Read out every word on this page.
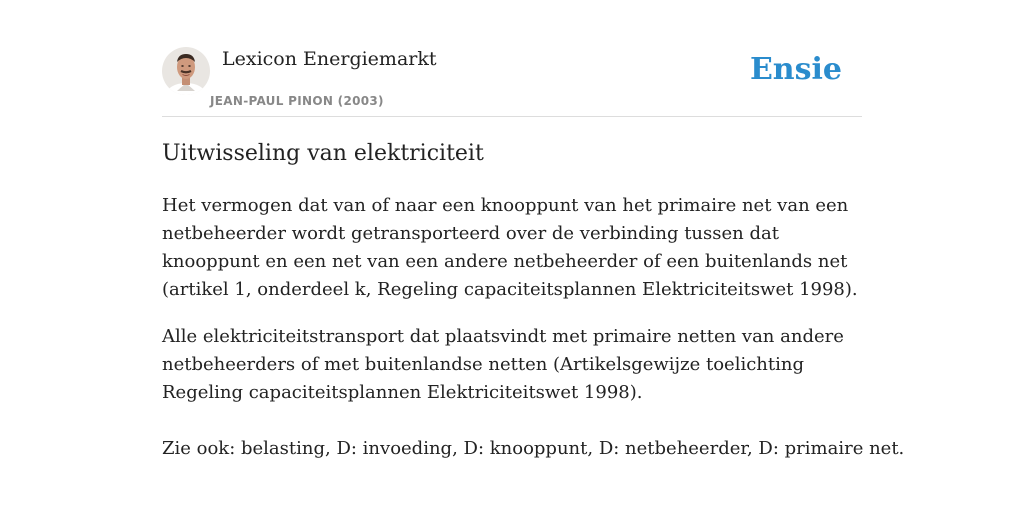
Lexicon Energiemarkt
JEAN-PAUL PINON (2003)
Ensie
Uitwisseling van elektriciteit

Het vermogen dat van of naar een knooppunt van het primaire net van een netbeheerder wordt getransporteerd over de verbinding tussen dat knooppunt en een net van een andere netbeheerder of een buitenlands net (artikel 1, onderdeel k, Regeling capaciteitsplannen Elektriciteitswet 1998).

Alle elektriciteitstransport dat plaatsvindt met primaire netten van andere netbeheerders of met buitenlandse netten (Artikelsgewijze toelichting Regeling capaciteitsplannen Elektriciteitswet 1998).

Zie ook: belasting, D: invoeding, D: knooppunt, D: netbeheerder, D: primaire net.
